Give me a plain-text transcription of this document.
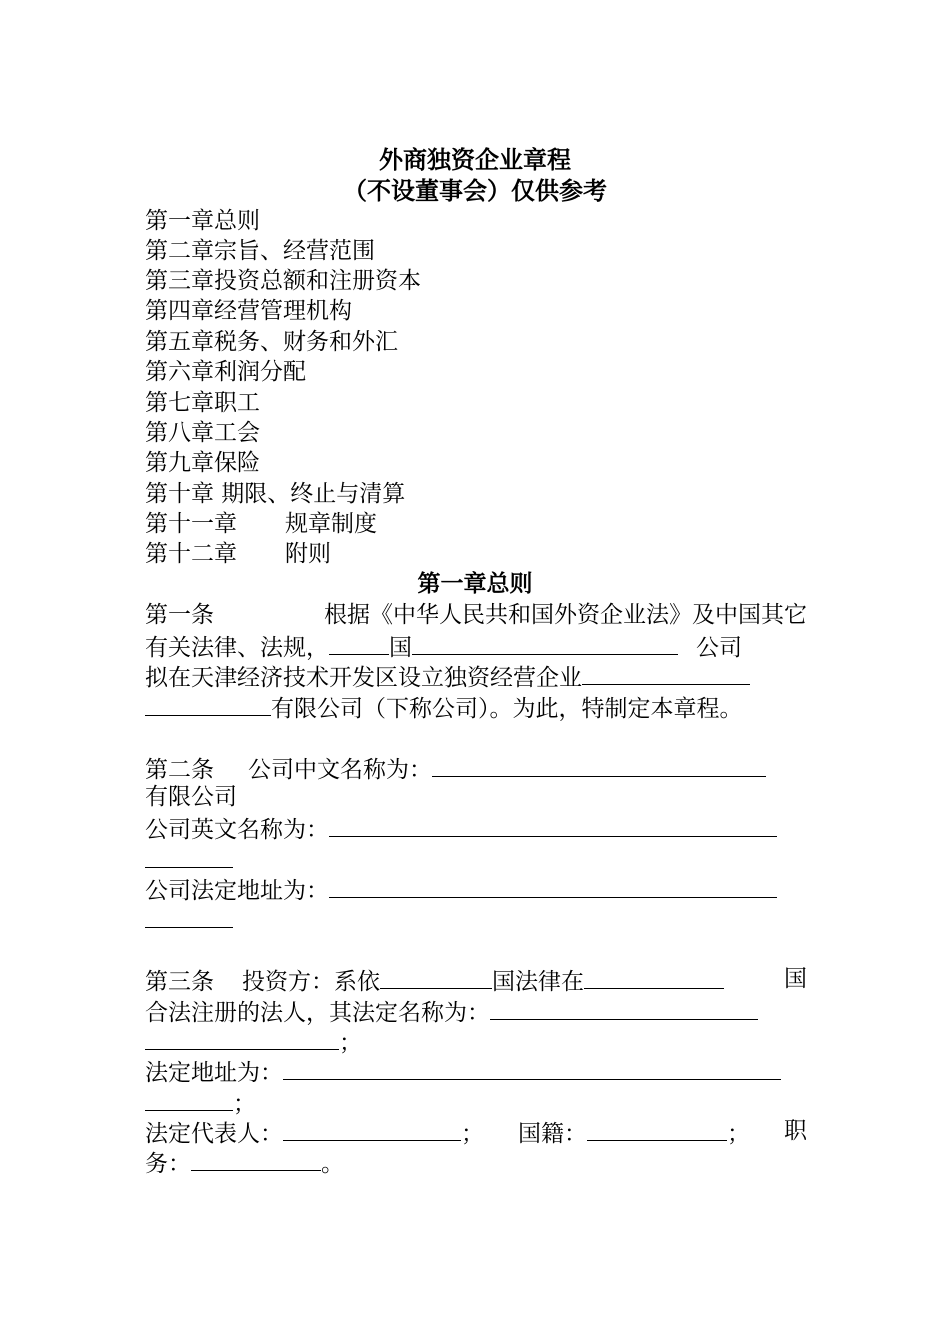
外商独资企业章程
（不设董事会）仅供参考
第一章总则
第二章宗旨、经营范围
第三章投资总额和注册资本
第四章经营管理机构
第五章税务、财务和外汇
第六章利润分配
第七章职工
第八章工会
第九章保险
第十章 期限、终止与清算
第十一章 规章制度
第十二章 附则
第一章总则
第一条	根据《中华人民共和国外资企业法》及中国其它
有关法律、法规，	国	公司
拟在天津经济技术开发区设立独资经营企业
有限公司（下称公司）。为此，特制定本章程。
第二条 公司中文名称为：
有限公司
公司英文名称为：
公司法定地址为：
第三条 投资方：系依	国法律在	国
合法注册的法人，其法定名称为：
；
法定地址为：
；
法定代表人：	； 国籍：	； 职
务：	。
